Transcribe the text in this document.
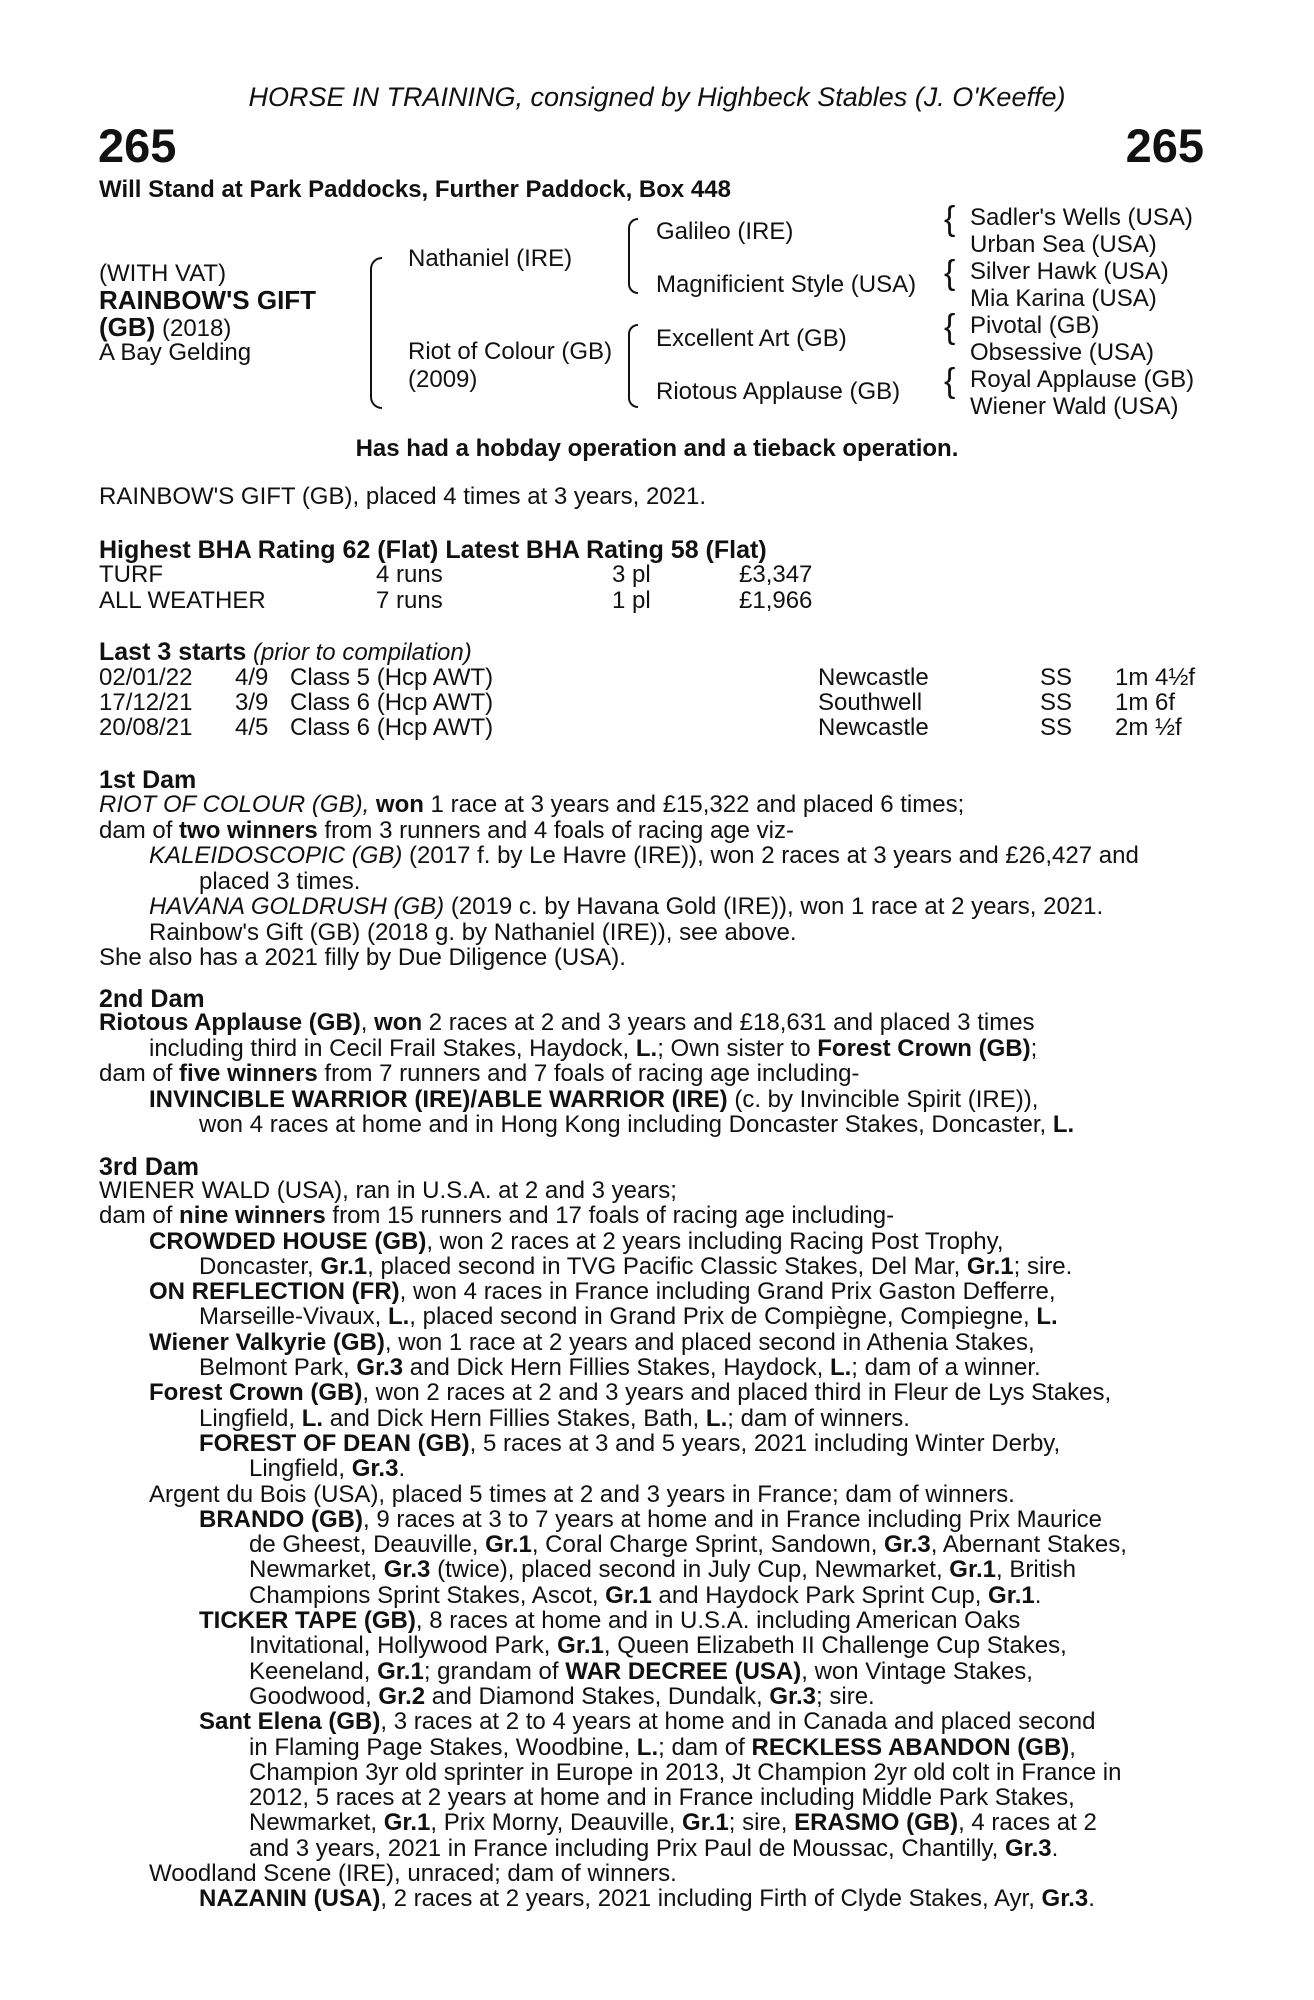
HORSE IN TRAINING, consigned by Highbeck Stables (J. O'Keeffe)
265	265
Will Stand at Park Paddocks, Further Paddock, Box 448
(WITH VAT)
RAINBOW'S GIFT
(GB) (2018)
A Bay Gelding
Nathaniel (IRE)
Riot of Colour (GB)
(2009)
Galileo (IRE)
Magnificient Style (USA)
Excellent Art (GB)
Riotous Applause (GB)
{
{
{
{
Sadler's Wells (USA)
Urban Sea (USA)
Silver Hawk (USA)
Mia Karina (USA)
Pivotal (GB)
Obsessive (USA)
Royal Applause (GB)
Wiener Wald (USA)
Has had a hobday operation and a tieback operation.
RAINBOW'S GIFT (GB), placed 4 times at 3 years, 2021.
Highest BHA Rating 62 (Flat) Latest BHA Rating 58 (Flat)
TURF	4 runs	3 pl	£3,347
ALL WEATHER	7 runs	1 pl	£1,966
Last 3 starts (prior to compilation)
02/01/22 4/9 Class 5 (Hcp AWT)	Newcastle	SS 1m 4½f
17/12/21 3/9 Class 6 (Hcp AWT)	Southwell	SS 1m 6f
20/08/21 4/5 Class 6 (Hcp AWT)	Newcastle	SS 2m ½f
1st Dam
RIOT OF COLOUR (GB), won 1 race at 3 years and £15,322 and placed 6 times;
dam of two winners from 3 runners and 4 foals of racing age viz-
KALEIDOSCOPIC (GB) (2017 f. by Le Havre (IRE)), won 2 races at 3 years and £26,427 and
placed 3 times.
HAVANA GOLDRUSH (GB) (2019 c. by Havana Gold (IRE)), won 1 race at 2 years, 2021.
Rainbow's Gift (GB) (2018 g. by Nathaniel (IRE)), see above.
She also has a 2021 filly by Due Diligence (USA).
2nd Dam
Riotous Applause (GB), won 2 races at 2 and 3 years and £18,631 and placed 3 times
including third in Cecil Frail Stakes, Haydock, L.; Own sister to Forest Crown (GB);
dam of five winners from 7 runners and 7 foals of racing age including-
INVINCIBLE WARRIOR (IRE)/ABLE WARRIOR (IRE) (c. by Invincible Spirit (IRE)),
won 4 races at home and in Hong Kong including Doncaster Stakes, Doncaster, L.
3rd Dam
WIENER WALD (USA), ran in U.S.A. at 2 and 3 years;
dam of nine winners from 15 runners and 17 foals of racing age including-
CROWDED HOUSE (GB), won 2 races at 2 years including Racing Post Trophy,
Doncaster, Gr.1, placed second in TVG Pacific Classic Stakes, Del Mar, Gr.1; sire.
ON REFLECTION (FR), won 4 races in France including Grand Prix Gaston Defferre,
Marseille-Vivaux, L., placed second in Grand Prix de Compiègne, Compiegne, L.
Wiener Valkyrie (GB), won 1 race at 2 years and placed second in Athenia Stakes,
Belmont Park, Gr.3 and Dick Hern Fillies Stakes, Haydock, L.; dam of a winner.
Forest Crown (GB), won 2 races at 2 and 3 years and placed third in Fleur de Lys Stakes,
Lingfield, L. and Dick Hern Fillies Stakes, Bath, L.; dam of winners.
FOREST OF DEAN (GB), 5 races at 3 and 5 years, 2021 including Winter Derby,
Lingfield, Gr.3.
Argent du Bois (USA), placed 5 times at 2 and 3 years in France; dam of winners.
BRANDO (GB), 9 races at 3 to 7 years at home and in France including Prix Maurice
de Gheest, Deauville, Gr.1, Coral Charge Sprint, Sandown, Gr.3, Abernant Stakes,
Newmarket, Gr.3 (twice), placed second in July Cup, Newmarket, Gr.1, British
Champions Sprint Stakes, Ascot, Gr.1 and Haydock Park Sprint Cup, Gr.1.
TICKER TAPE (GB), 8 races at home and in U.S.A. including American Oaks
Invitational, Hollywood Park, Gr.1, Queen Elizabeth II Challenge Cup Stakes,
Keeneland, Gr.1; grandam of WAR DECREE (USA), won Vintage Stakes,
Goodwood, Gr.2 and Diamond Stakes, Dundalk, Gr.3; sire.
Sant Elena (GB), 3 races at 2 to 4 years at home and in Canada and placed second
in Flaming Page Stakes, Woodbine, L.; dam of RECKLESS ABANDON (GB),
Champion 3yr old sprinter in Europe in 2013, Jt Champion 2yr old colt in France in
2012, 5 races at 2 years at home and in France including Middle Park Stakes,
Newmarket, Gr.1, Prix Morny, Deauville, Gr.1; sire, ERASMO (GB), 4 races at 2
and 3 years, 2021 in France including Prix Paul de Moussac, Chantilly, Gr.3.
Woodland Scene (IRE), unraced; dam of winners.
NAZANIN (USA), 2 races at 2 years, 2021 including Firth of Clyde Stakes, Ayr, Gr.3.
